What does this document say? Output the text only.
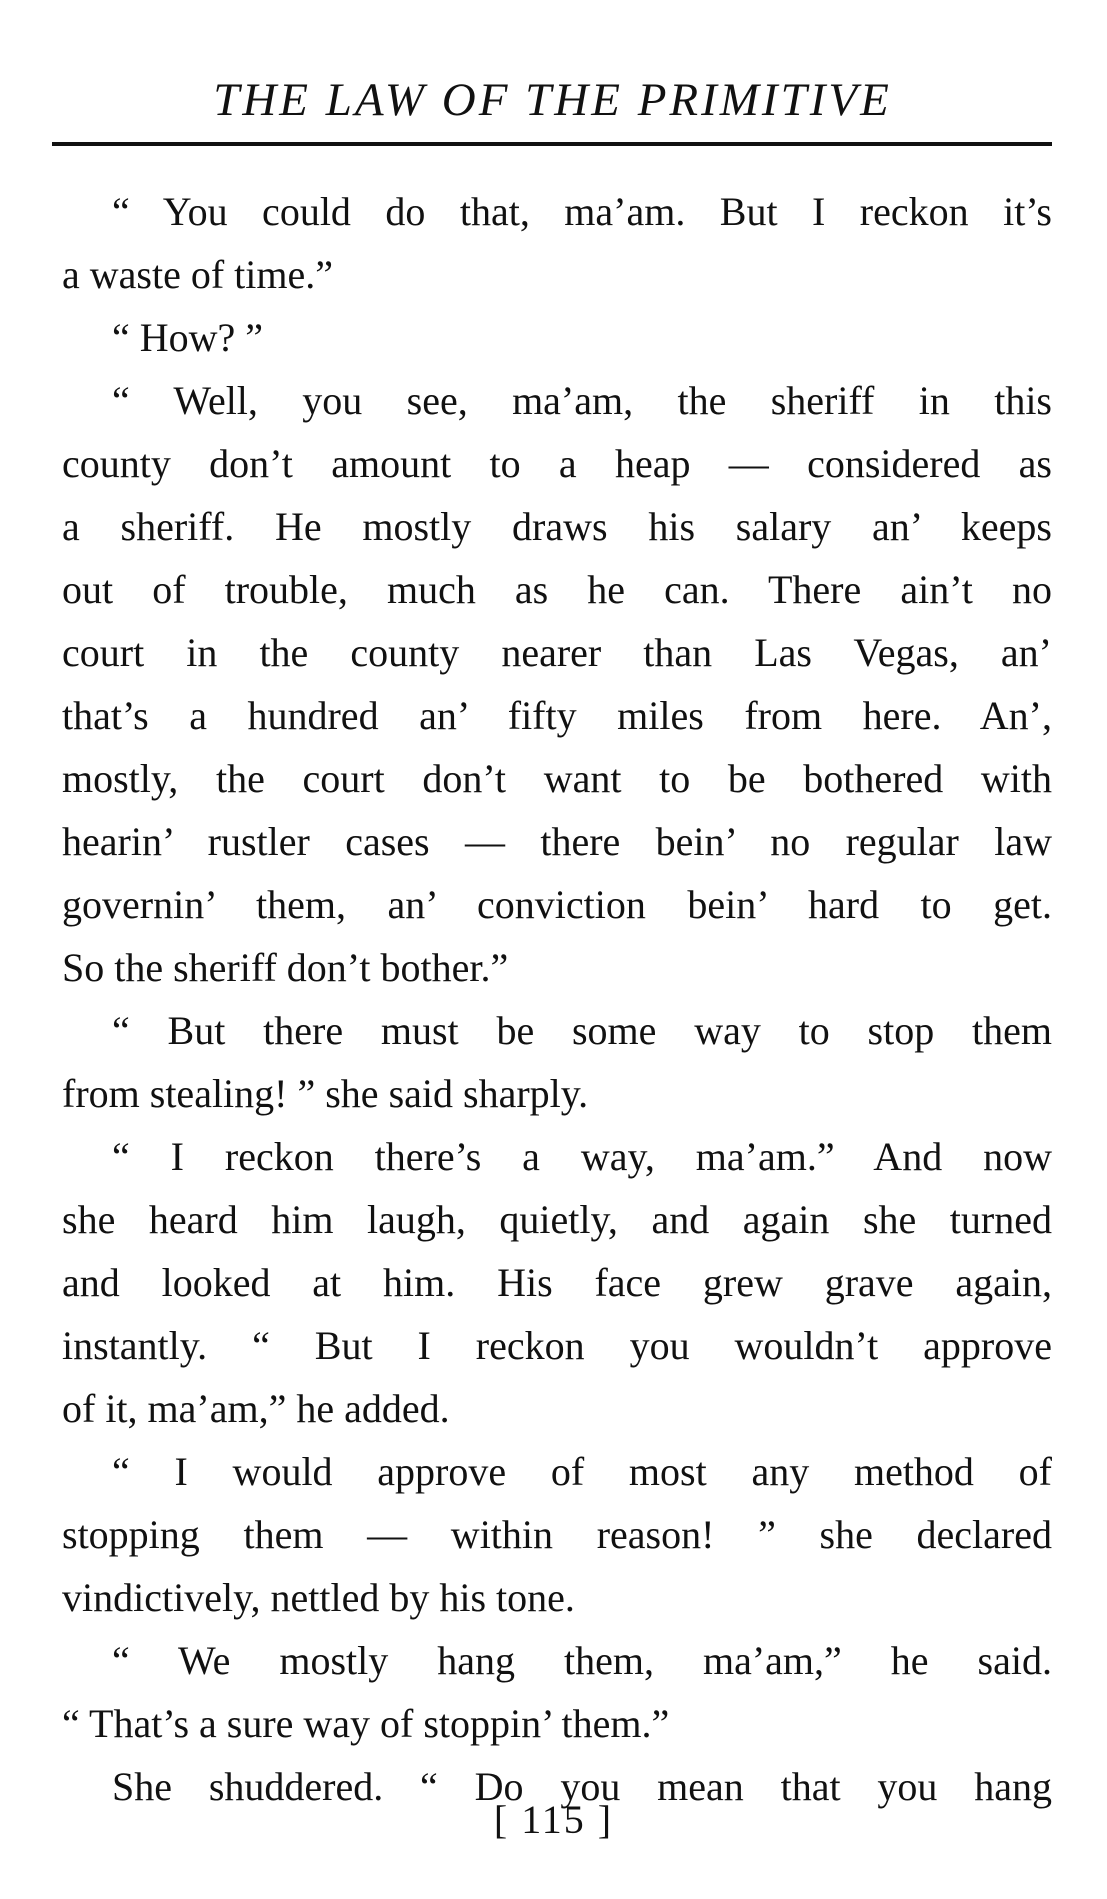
THE LAW OF THE PRIMITIVE
“ You could do that, ma’am. But I reckon it’s
a waste of time.”
“ How? ”
“ Well, you see, ma’am, the sheriff in this
county don’t amount to a heap — considered as
a sheriff. He mostly draws his salary an’ keeps
out of trouble, much as he can. There ain’t no
court in the county nearer than Las Vegas, an’
that’s a hundred an’ fifty miles from here. An’,
mostly, the court don’t want to be bothered with
hearin’ rustler cases — there bein’ no regular law
governin’ them, an’ conviction bein’ hard to get.
So the sheriff don’t bother.”
“ But there must be some way to stop them
from stealing! ” she said sharply.
“ I reckon there’s a way, ma’am.” And now
she heard him laugh, quietly, and again she turned
and looked at him. His face grew grave again,
instantly. “ But I reckon you wouldn’t approve
of it, ma’am,” he added.
“ I would approve of most any method of
stopping them — within reason! ” she declared
vindictively, nettled by his tone.
“ We mostly hang them, ma’am,” he said.
“ That’s a sure way of stoppin’ them.”
She shuddered. “ Do you mean that you hang
[ 115 ]
